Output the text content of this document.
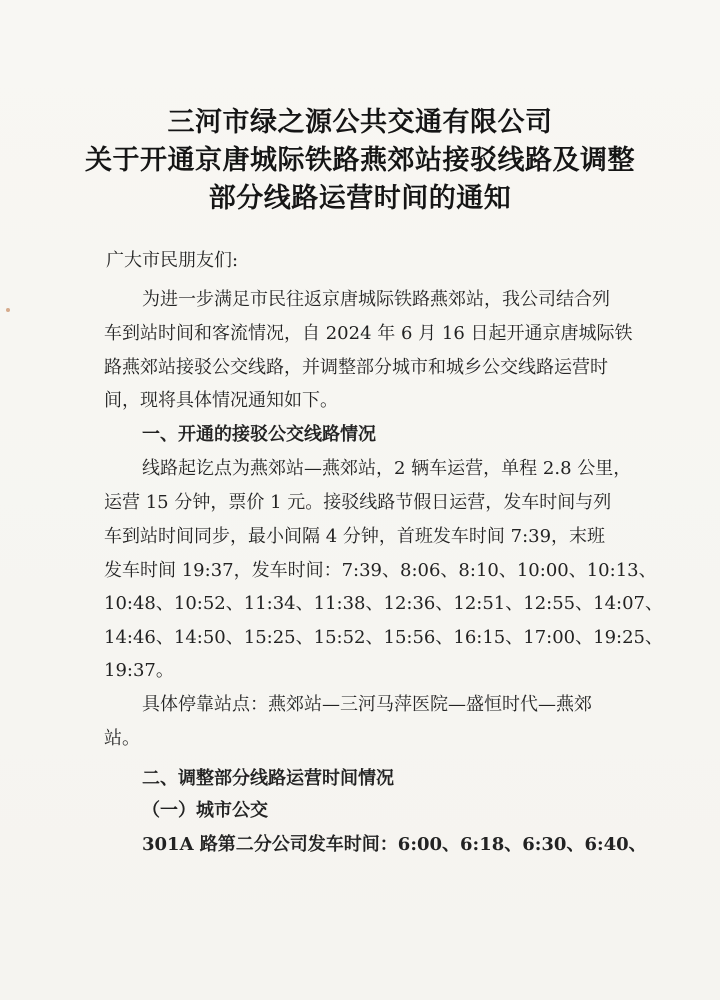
三河市绿之源公共交通有限公司
关于开通京唐城际铁路燕郊站接驳线路及调整
部分线路运营时间的通知
广大市民朋友们:
为进一步满足市民往返京唐城际铁路燕郊站，我公司结合列
车到站时间和客流情况，自 2024 年 6 月 16 日起开通京唐城际铁
路燕郊站接驳公交线路，并调整部分城市和城乡公交线路运营时
间，现将具体情况通知如下。
一、开通的接驳公交线路情况
线路起讫点为燕郊站—燕郊站，2 辆车运营，单程 2.8 公里，
运营 15 分钟，票价 1 元。接驳线路节假日运营，发车时间与列
车到站时间同步，最小间隔 4 分钟，首班发车时间 7:39，末班
发车时间 19:37，发车时间：7:39、8:06、8:10、10:00、10:13、
10:48、10:52、11:34、11:38、12:36、12:51、12:55、14:07、
14:46、14:50、15:25、15:52、15:56、16:15、17:00、19:25、
19:37。
具体停靠站点：燕郊站—三河马萍医院—盛恒时代—燕郊
站。
二、调整部分线路运营时间情况
（一）城市公交
301A 路第二分公司发车时间：6:00、6:18、6:30、6:40、
